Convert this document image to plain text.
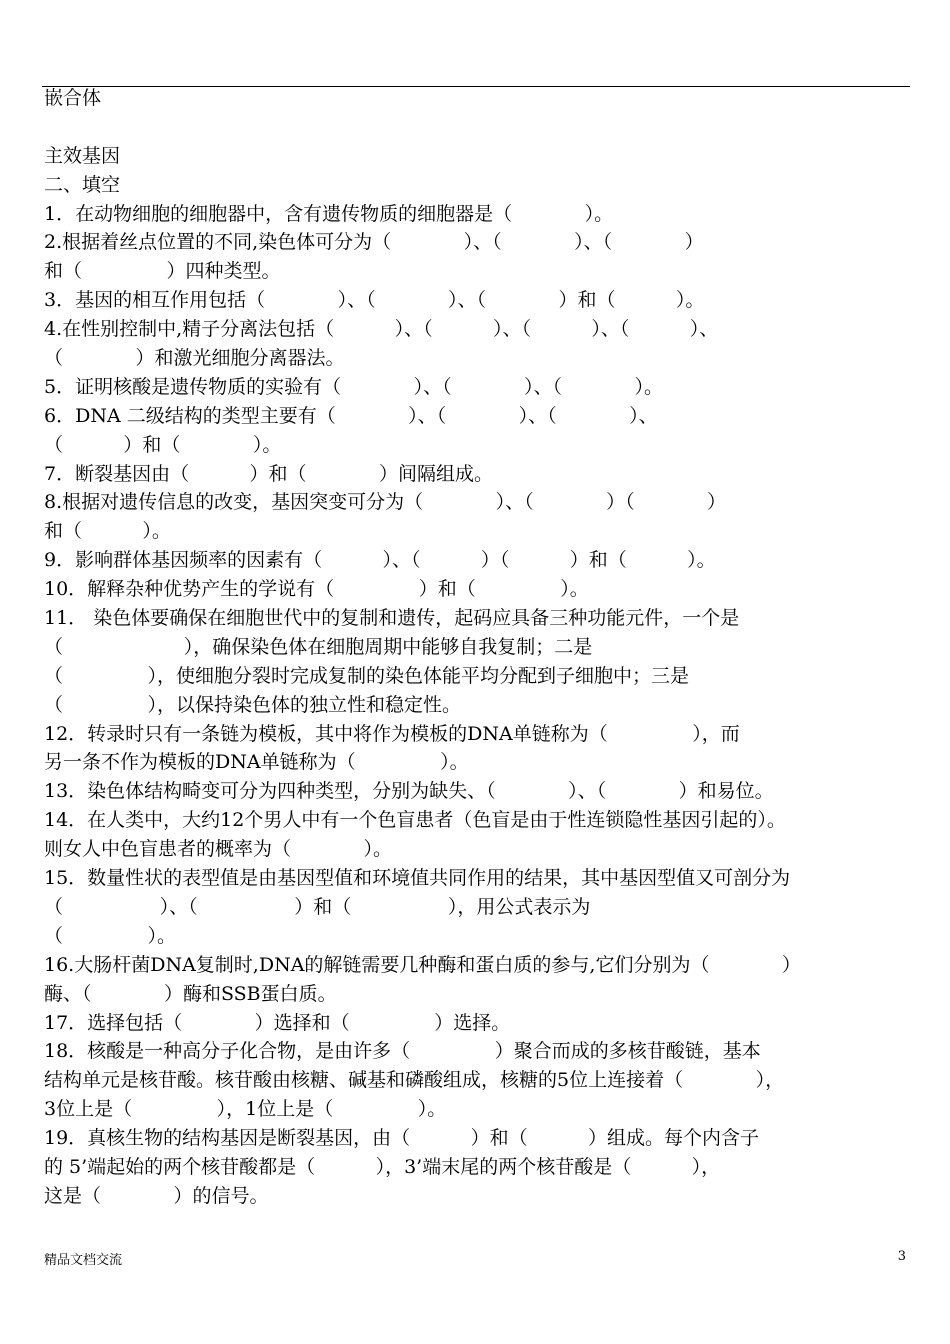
嵌合体
主效基因
二、填空
1．在动物细胞的细胞器中，含有遗传物质的细胞器是（            ）。
2.根据着丝点位置的不同,染色体可分为（            ）、（            ）、（            ）
和（              ）四种类型。
3．基因的相互作用包括（            ）、（            ）、（            ）和（          ）。
4.在性别控制中,精子分离法包括（          ）、（          ）、（          ）、（          ）、
（            ）和激光细胞分离器法。
5．证明核酸是遗传物质的实验有（            ）、（            ）、（            ）。
6．DNA 二级结构的类型主要有（            ）、（            ）、（            ）、
（          ）和（            ）。
7．断裂基因由（          ）和（            ）间隔组成。
8.根据对遗传信息的改变，基因突变可分为（            ）、（            ）（            ）
和（          ）。
9．影响群体基因频率的因素有（          ）、（          ）（          ）和（          ）。
10．解释杂种优势产生的学说有（              ）和（              ）。
11． 染色体要确保在细胞世代中的复制和遗传，起码应具备三种功能元件，一个是
（                    ），确保染色体在细胞周期中能够自我复制；二是
（              ），使细胞分裂时完成复制的染色体能平均分配到子细胞中；三是
（              ），以保持染色体的独立性和稳定性。
12．转录时只有一条链为模板，其中将作为模板的DNA单链称为（              ），而
另一条不作为模板的DNA单链称为（              ）。
13．染色体结构畸变可分为四种类型，分别为缺失、（            ）、（            ）和易位。
14．在人类中，大约12个男人中有一个色盲患者（色盲是由于性连锁隐性基因引起的）。
则女人中色盲患者的概率为（            ）。
15．数量性状的表型值是由基因型值和环境值共同作用的结果，其中基因型值又可剖分为
（                ）、（                ）和（                ），用公式表示为
（              ）。
16.大肠杆菌DNA复制时,DNA的解链需要几种酶和蛋白质的参与,它们分别为（            ）
酶、（            ）酶和SSB蛋白质。
17．选择包括（            ）选择和（              ）选择。
18．核酸是一种高分子化合物，是由许多（              ）聚合而成的多核苷酸链，基本
结构单元是核苷酸。核苷酸由核糖、碱基和磷酸组成，核糖的5位上连接着（            ），
3位上是（              ），1位上是（              ）。
19．真核生物的结构基因是断裂基因，由（          ）和（          ）组成。每个内含子
的 5’端起始的两个核苷酸都是（          ），3’端末尾的两个核苷酸是（          ），
这是（            ）的信号。
精品文档交流	3
